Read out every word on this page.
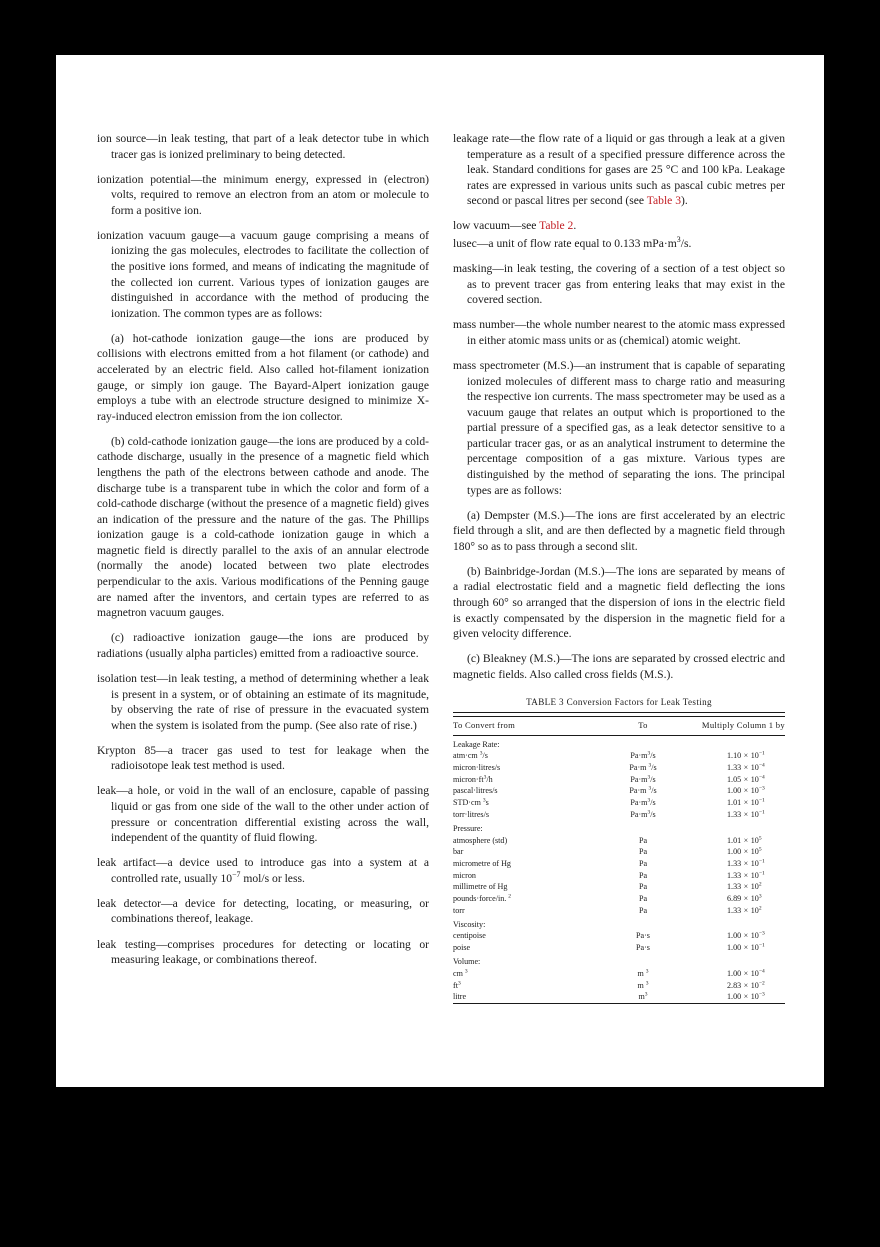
ion source—in leak testing, that part of a leak detector tube in which tracer gas is ionized preliminary to being detected.

ionization potential—the minimum energy, expressed in (electron) volts, required to remove an electron from an atom or molecule to form a positive ion.

ionization vacuum gauge—a vacuum gauge comprising a means of ionizing the gas molecules, electrodes to facilitate the collection of the positive ions formed, and means of indicating the magnitude of the collected ion current. Various types of ionization gauges are distinguished in accordance with the method of producing the ionization. The common types are as follows:

(a) hot-cathode ionization gauge—the ions are produced by collisions with electrons emitted from a hot filament (or cathode) and accelerated by an electric field. Also called hot-filament ionization gauge, or simply ion gauge. The Bayard-Alpert ionization gauge employs a tube with an electrode structure designed to minimize X-ray-induced electron emission from the ion collector.

(b) cold-cathode ionization gauge—the ions are produced by a cold-cathode discharge, usually in the presence of a magnetic field which lengthens the path of the electrons between cathode and anode. The discharge tube is a transparent tube in which the color and form of a cold-cathode discharge (without the presence of a magnetic field) gives an indication of the pressure and the nature of the gas. The Phillips ionization gauge is a cold-cathode ionization gauge in which a magnetic field is directly parallel to the axis of an annular electrode (normally the anode) located between two plate electrodes perpendicular to the axis. Various modifications of the Penning gauge are named after the inventors, and certain types are referred to as magnetron vacuum gauges.

(c) radioactive ionization gauge—the ions are produced by radiations (usually alpha particles) emitted from a radioactive source.

isolation test—in leak testing, a method of determining whether a leak is present in a system, or of obtaining an estimate of its magnitude, by observing the rate of rise of pressure in the evacuated system when the system is isolated from the pump. (See also rate of rise.)

Krypton 85—a tracer gas used to test for leakage when the radioisotope leak test method is used.

leak—a hole, or void in the wall of an enclosure, capable of passing liquid or gas from one side of the wall to the other under action of pressure or concentration differential existing across the wall, independent of the quantity of fluid flowing.

leak artifact—a device used to introduce gas into a system at a controlled rate, usually $10^{-7}$ mol/s or less.

leak detector—a device for detecting, locating, or measuring, or combinations thereof, leakage.

leak testing—comprises procedures for detecting or locating or measuring leakage, or combinations thereof.

leakage rate—the flow rate of a liquid or gas through a leak at a given temperature as a result of a specified pressure difference across the leak. Standard conditions for gases are 25 °C and 100 kPa. Leakage rates are expressed in various units such as pascal cubic metres per second or pascal litres per second (see Table 3).

low vacuum—see Table 2.

lusec—a unit of flow rate equal to 0.133 $mPa\cdot m^3/s$.

masking—in leak testing, the covering of a section of a test object so as to prevent tracer gas from entering leaks that may exist in the covered section.

mass number—the whole number nearest to the atomic mass expressed in either atomic mass units or as (chemical) atomic weight.

mass spectrometer (M.S.)—an instrument that is capable of separating ionized molecules of different mass to charge ratio and measuring the respective ion currents. The mass spectrometer may be used as a vacuum gauge that relates an output which is proportioned to the partial pressure of a specified gas, as a leak detector sensitive to a particular tracer gas, or as an analytical instrument to determine the percentage composition of a gas mixture. Various types are distinguished by the method of separating the ions. The principal types are as follows:

(a) Dempster (M.S.)—The ions are first accelerated by an electric field through a slit, and are then deflected by a magnetic field through 180° so as to pass through a second slit.

(b) Bainbridge-Jordan (M.S.)—The ions are separated by means of a radial electrostatic field and a magnetic field deflecting the ions through 60° so arranged that the dispersion of ions in the electric field is exactly compensated by the dispersion in the magnetic field for a given velocity difference.

(c) Bleakney (M.S.)—The ions are separated by crossed electric and magnetic fields. Also called cross fields (M.S.).

TABLE 3 Conversion Factors for Leak Testing

To Convert from	To	Multiply Column 1 by

Leakage Rate:		
atm·cm $^3$/s	$Pa\cdot m^3/s$	$1.10 \times 10^{-1}$
micron·litres/s	Pa·m $^3$/s	$1.33 \times 10^{-4}$
$micron\cdot ft^3/h$	$Pa\cdot m^3/s$	$1.05 \times 10^{-4}$
pascal·litres/s	Pa·m $^3$/s	$1.00 \times 10^{-3}$
STD·cm $^3$s	$Pa\cdot m^3/s$	$1.01 \times 10^{-1}$
torr·litres/s	$Pa\cdot m^3/s$	$1.33 \times 10^{-1}$
Pressure:		
atmosphere (std)	Pa	$1.01 \times 10^5$
bar	Pa	$1.00 \times 10^5$
micrometre of Hg	Pa	$1.33 \times 10^{-1}$
micron	Pa	$1.33 \times 10^{-1}$
millimetre of Hg	Pa	$1.33 \times 10^2$
pounds·force/in. $^2$	Pa	$6.89 \times 10^3$
torr	Pa	$1.33 \times 10^2$
Viscosity:		
centipoise	Pa·s	$1.00 \times 10^{-3}$
poise	Pa·s	$1.00 \times 10^{-1}$
Volume:		
cm $^3$	m $^3$	$1.00 \times 10^{-4}$
$ft^3$	m $^3$	$2.83 \times 10^{-2}$
litre	$m^3$	$1.00 \times 10^{-3}$
